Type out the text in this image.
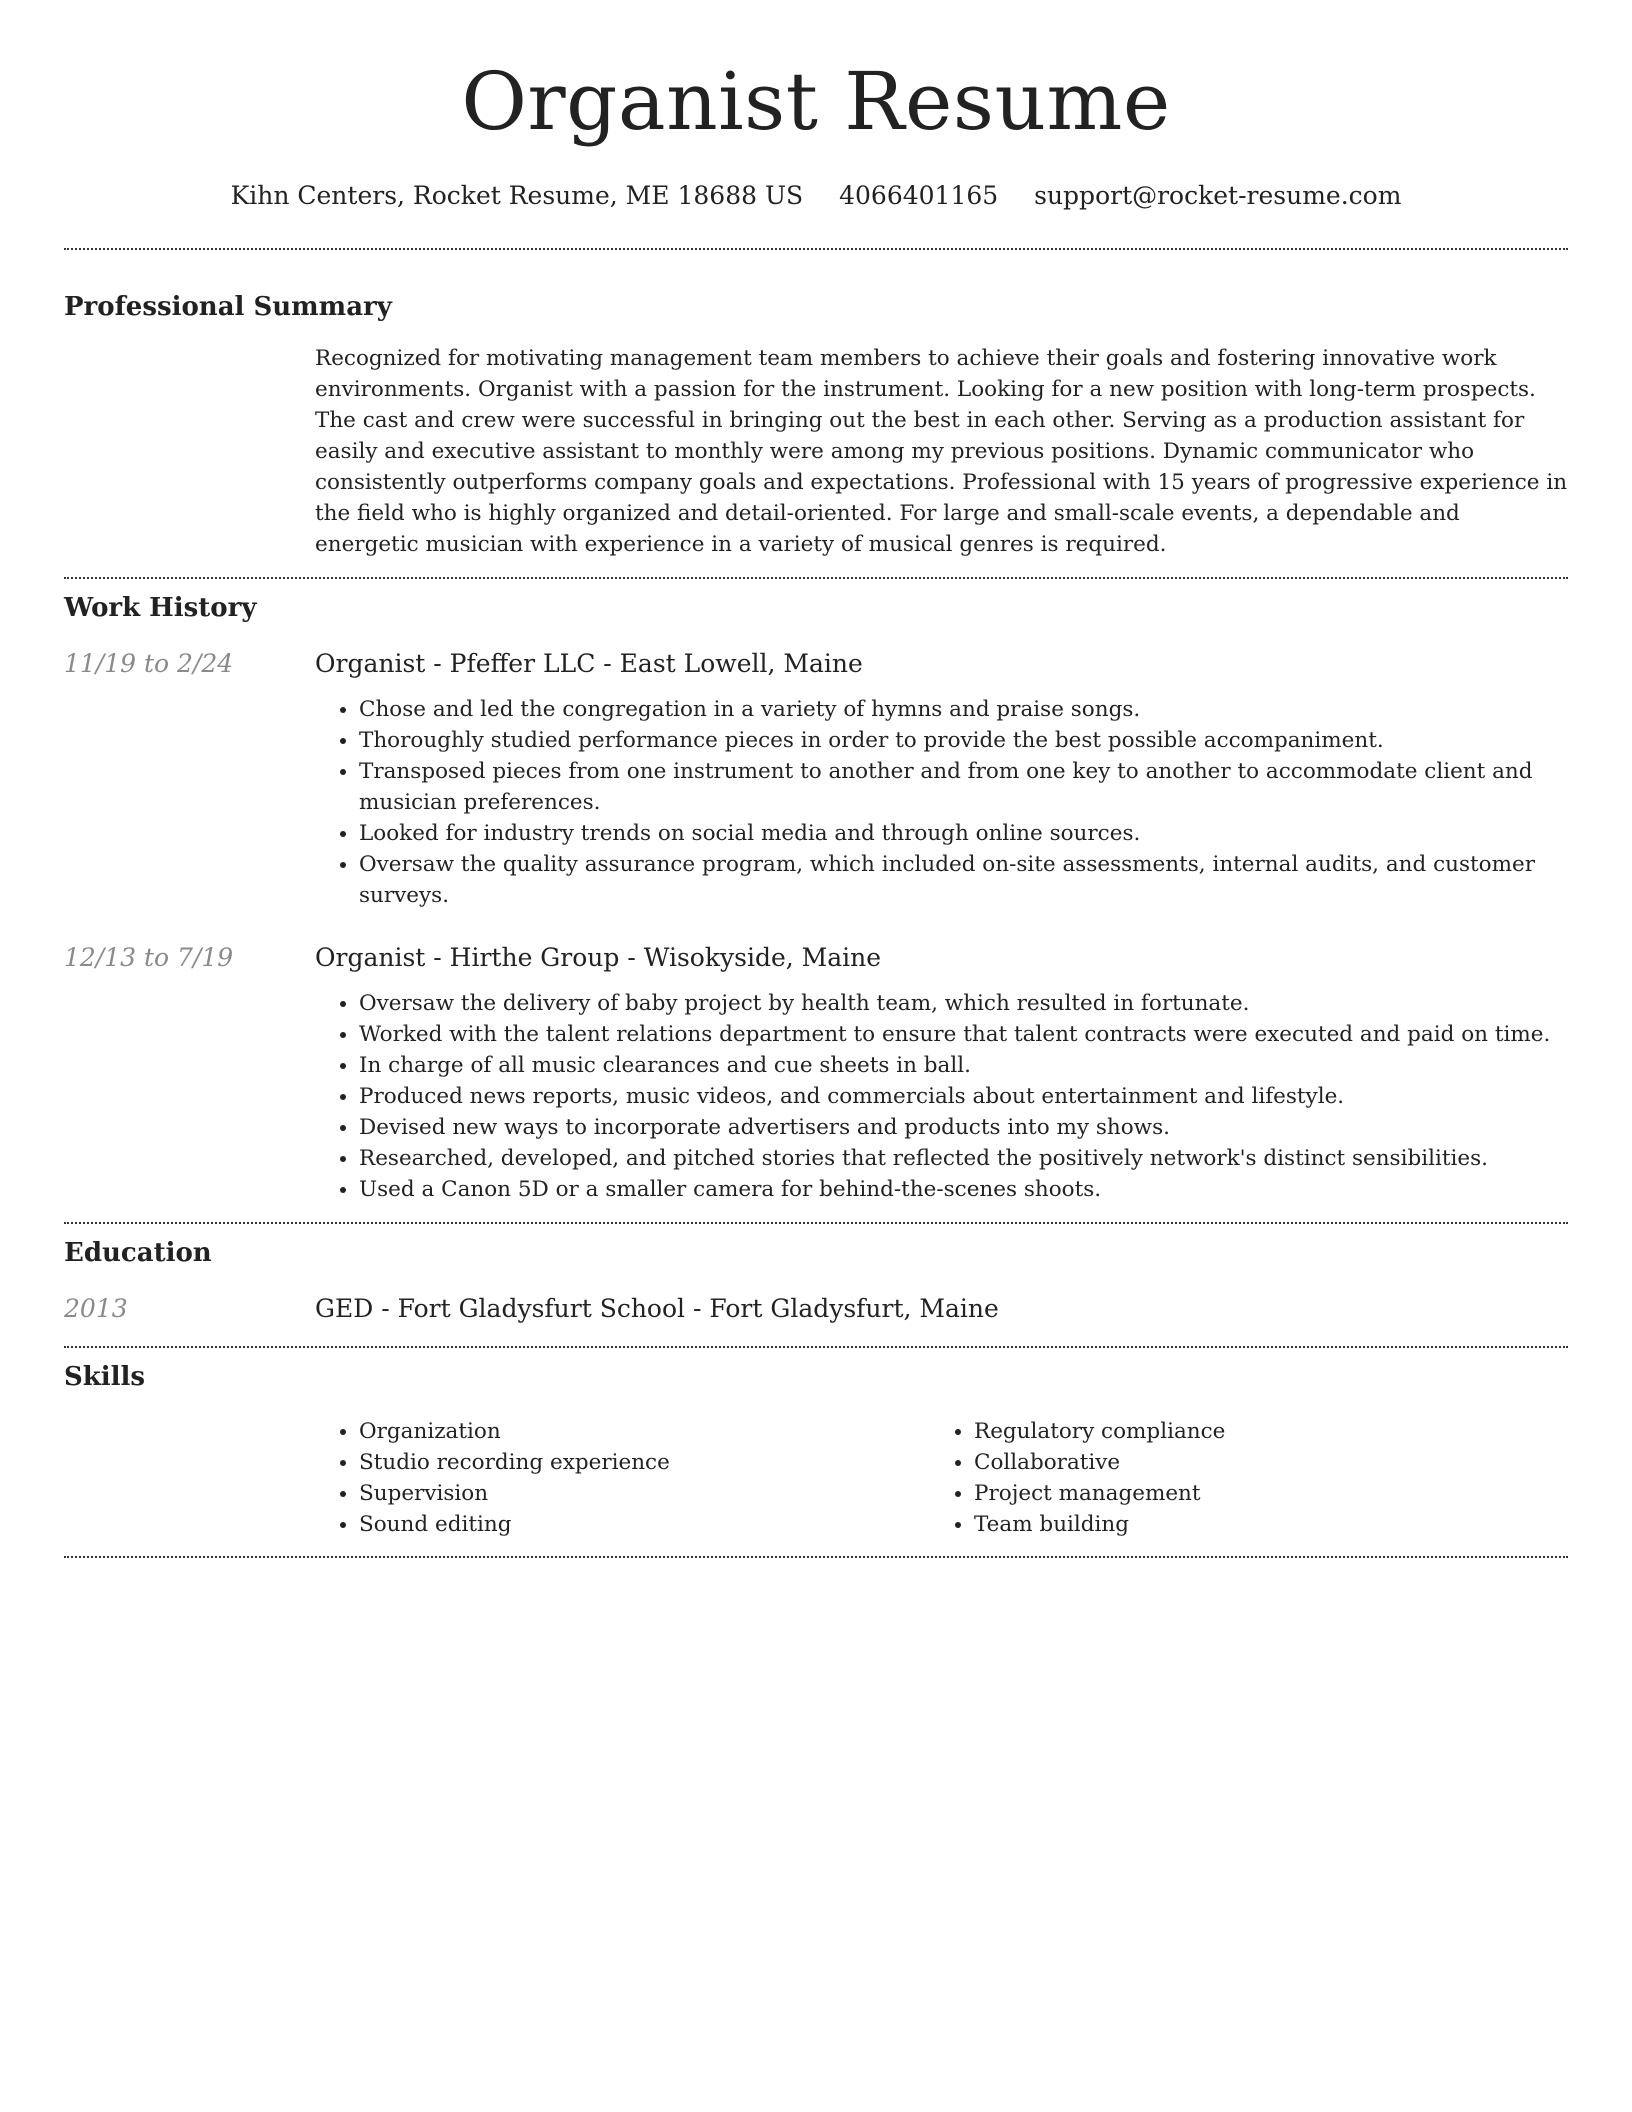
Organist Resume
Kihn Centers, Rocket Resume, ME 18688 US 4066401165 support@rocket-resume.com
Professional Summary

Recognized for motivating management team members to achieve their goals and fostering innovative work environments. Organist with a passion for the instrument. Looking for a new position with long-term prospects. The cast and crew were successful in bringing out the best in each other. Serving as a production assistant for easily and executive assistant to monthly were among my previous positions. Dynamic communicator who consistently outperforms company goals and expectations. Professional with 15 years of progressive experience in the field who is highly organized and detail-oriented. For large and small-scale events, a dependable and energetic musician with experience in a variety of musical genres is required.

Work History
11/19 to 2/24	Organist - Pfeffer LLC - East Lowell, Maine
• Chose and led the congregation in a variety of hymns and praise songs.
• Thoroughly studied performance pieces in order to provide the best possible accompaniment.
• Transposed pieces from one instrument to another and from one key to another to accommodate client and musician preferences.
• Looked for industry trends on social media and through online sources.
• Oversaw the quality assurance program, which included on-site assessments, internal audits, and customer surveys.
12/13 to 7/19	Organist - Hirthe Group - Wisokyside, Maine
• Oversaw the delivery of baby project by health team, which resulted in fortunate.
• Worked with the talent relations department to ensure that talent contracts were executed and paid on time.
• In charge of all music clearances and cue sheets in ball.
• Produced news reports, music videos, and commercials about entertainment and lifestyle.
• Devised new ways to incorporate advertisers and products into my shows.
• Researched, developed, and pitched stories that reflected the positively network's distinct sensibilities.
• Used a Canon 5D or a smaller camera for behind-the-scenes shoots.
Education
2013	GED - Fort Gladysfurt School - Fort Gladysfurt, Maine
Skills
• Organization
• Studio recording experience
• Supervision
• Sound editing
• Regulatory compliance
• Collaborative
• Project management
• Team building
